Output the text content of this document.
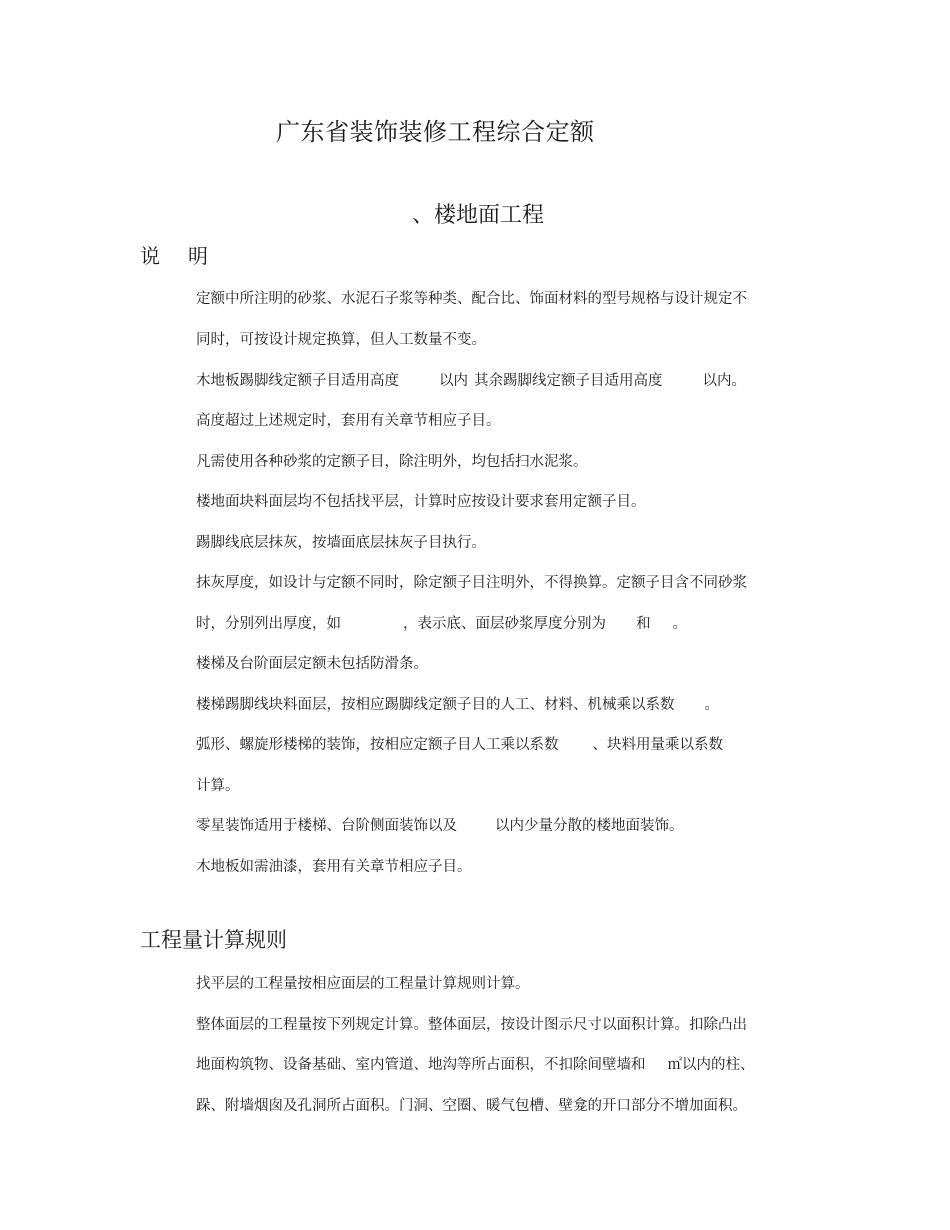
广东省装饰装修工程综合定额
、楼地面工程
说 明
定额中所注明的砂浆、水泥石子浆等种类、配合比、饰面材料的型号规格与设计规定不
同时，可按设计规定换算，但人工数量不变。
木地板踢脚线定额子目适用高度	以内 其余踢脚线定额子目适用高度	以内。
高度超过上述规定时，套用有关章节相应子目。
凡需使用各种砂浆的定额子目，除注明外，均包括扫水泥浆。
楼地面块料面层均不包括找平层，计算时应按设计要求套用定额子目。
踢脚线底层抹灰，按墙面底层抹灰子目执行。
抹灰厚度，如设计与定额不同时，除定额子目注明外，不得换算。定额子目含不同砂浆
时，分别列出厚度，如	，表示底、面层砂浆厚度分别为 和 。
楼梯及台阶面层定额未包括防滑条。
楼梯踢脚线块料面层，按相应踢脚线定额子目的人工、材料、机械乘以系数 。
弧形、螺旋形楼梯的装饰，按相应定额子目人工乘以系数 、块料用量乘以系数
计算。
零星装饰适用于楼梯、台阶侧面装饰以及	以内少量分散的楼地面装饰。
木地板如需油漆，套用有关章节相应子目。
工程量计算规则
找平层的工程量按相应面层的工程量计算规则计算。
整体面层的工程量按下列规定计算。整体面层，按设计图示尺寸以面积计算。扣除凸出
地面构筑物、设备基础、室内管道、地沟等所占面积，不扣除间壁墙和 ㎡以内的柱、
跺、附墙烟囱及孔洞所占面积。门洞、空圈、暖气包槽、壁龛的开口部分不增加面积。
